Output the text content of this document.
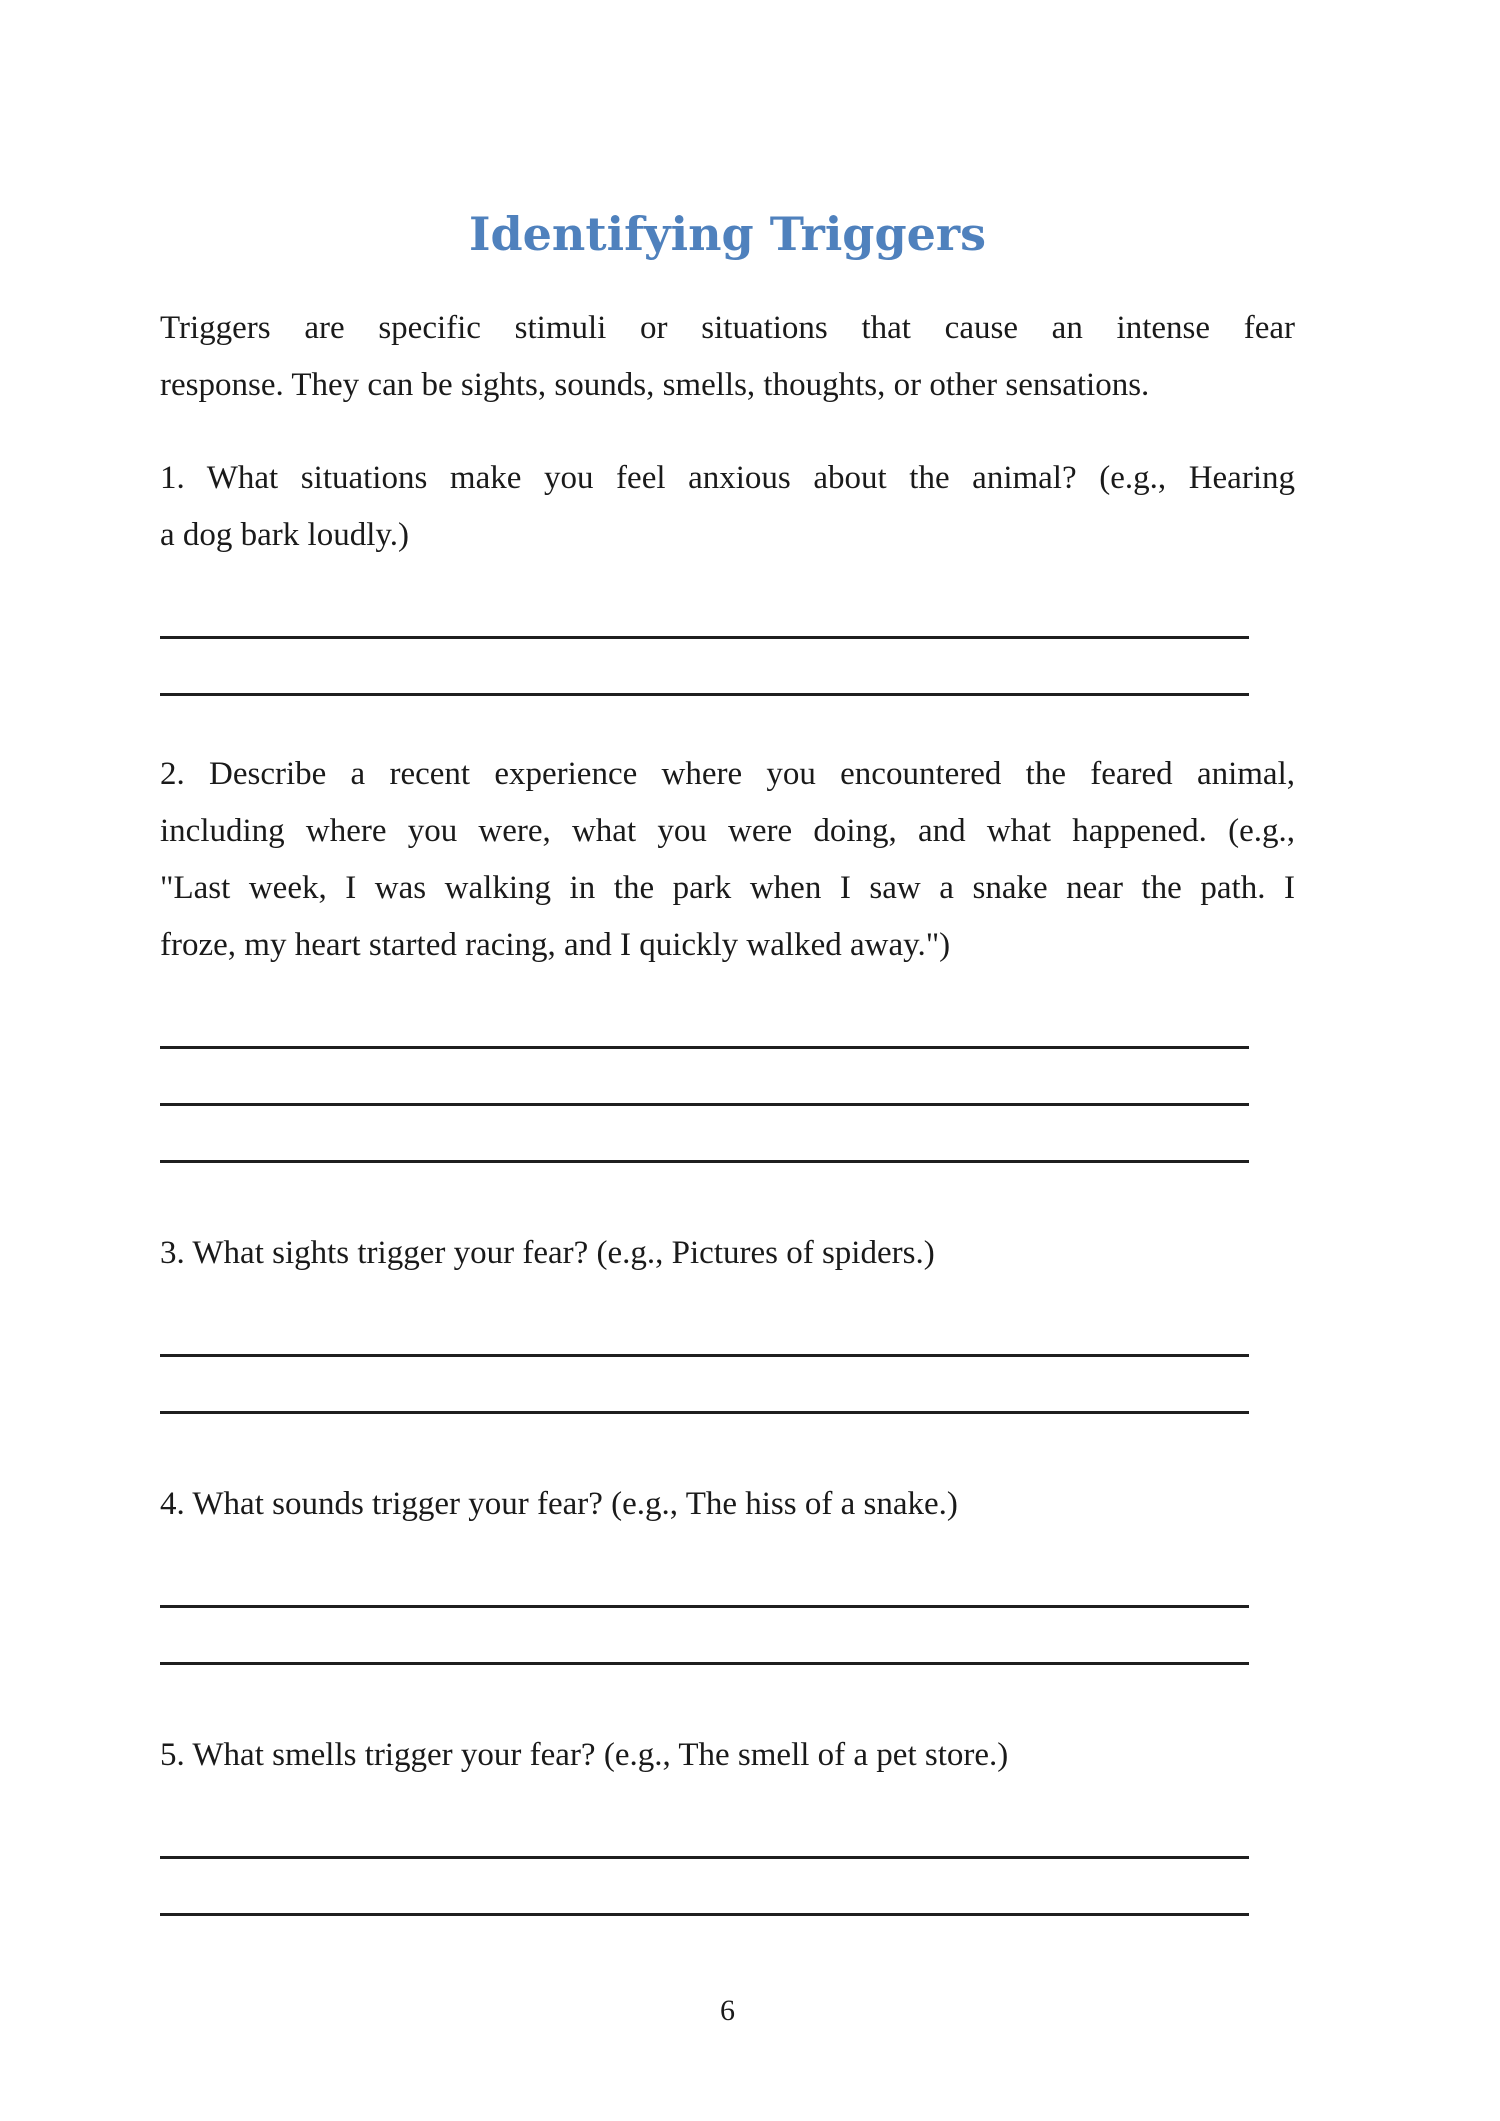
Identifying Triggers

Triggers are specific stimuli or situations that cause an intense fear
response. They can be sights, sounds, smells, thoughts, or other sensations.

1. What situations make you feel anxious about the animal? (e.g., Hearing
a dog bark loudly.)
2. Describe a recent experience where you encountered the feared animal,
including where you were, what you were doing, and what happened. (e.g.,
"Last week, I was walking in the park when I saw a snake near the path. I
froze, my heart started racing, and I quickly walked away.")
3. What sights trigger your fear? (e.g., Pictures of spiders.)
4. What sounds trigger your fear? (e.g., The hiss of a snake.)
5. What smells trigger your fear? (e.g., The smell of a pet store.)
6
